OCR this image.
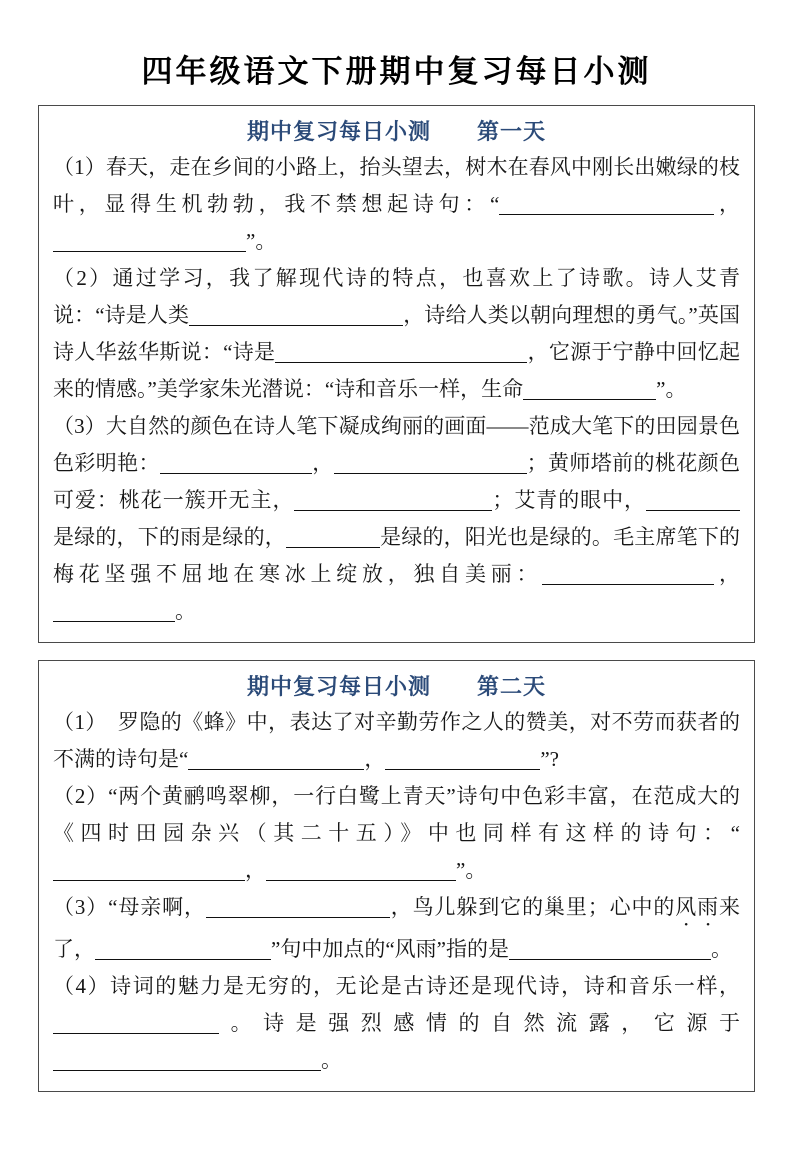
四年级语文下册期中复习每日小测
期中复习每日小测　　第一天

（1）春天，走在乡间的小路上，抬头望去，树木在春风中刚长出嫩绿的枝叶，显得生机勃勃，我不禁想起诗句：“	，”。

（2）通过学习，我了解现代诗的特点，也喜欢上了诗歌。诗人艾青说：“诗是人类	，诗给人类以朝向理想的勇气。”英国诗人华兹华斯说：“诗是	，它源于宁静中回忆起来的情感。”美学家朱光潜说：“诗和音乐一样，生命	”。

（3）大自然的颜色在诗人笔下凝成绚丽的画面——范成大笔下的田园景色色彩明艳：	，	；黄师塔前的桃花颜色可爱：桃花一簇开无主，	；艾青的眼中，是绿的，下的雨是绿的，	是绿的，阳光也是绿的。毛主席笔下的梅花坚强不屈地在寒冰上绽放，独自美丽：	，。

期中复习每日小测　　第二天

（1）　罗隐的《蜂》中，表达了对辛勤劳作之人的赞美，对不劳而获者的不满的诗句是“	，	”?

（2）“两个黄鹂鸣翠柳，一行白鹭上青天”诗句中色彩丰富，在范成大的《四时田园杂兴（其二十五）》中也同样有这样的诗句：“，	”。

（3）“母亲啊，	，鸟儿躲到它的巢里；心中的风雨来了，	”句中加点的“风雨”指的是	。

（4）诗词的魅力是无穷的，无论是古诗还是现代诗，诗和音乐一样，。诗是强烈感情的自然流露，它源于。
